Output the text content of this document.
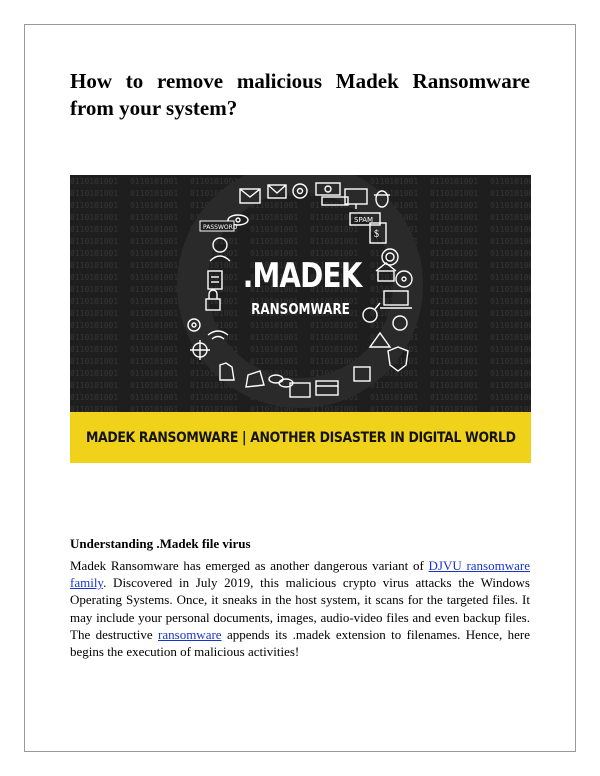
How to remove malicious Madek Ransomware from your system?
$
PASSWORD
SPAM
.MADEK
RANSOMWARE
MADEK RANSOMWARE | ANOTHER DISASTER IN DIGITAL WORLD
Understanding .Madek file virus

Madek Ransomware has emerged as another dangerous variant of DJVU ransomware family. Discovered in July 2019, this malicious crypto virus attacks the Windows Operating Systems. Once, it sneaks in the host system, it scans for the targeted files. It may include your personal documents, images, audio-video files and even backup files. The destructive ransomware appends its .madek extension to filenames. Hence, here begins the execution of malicious activities!
